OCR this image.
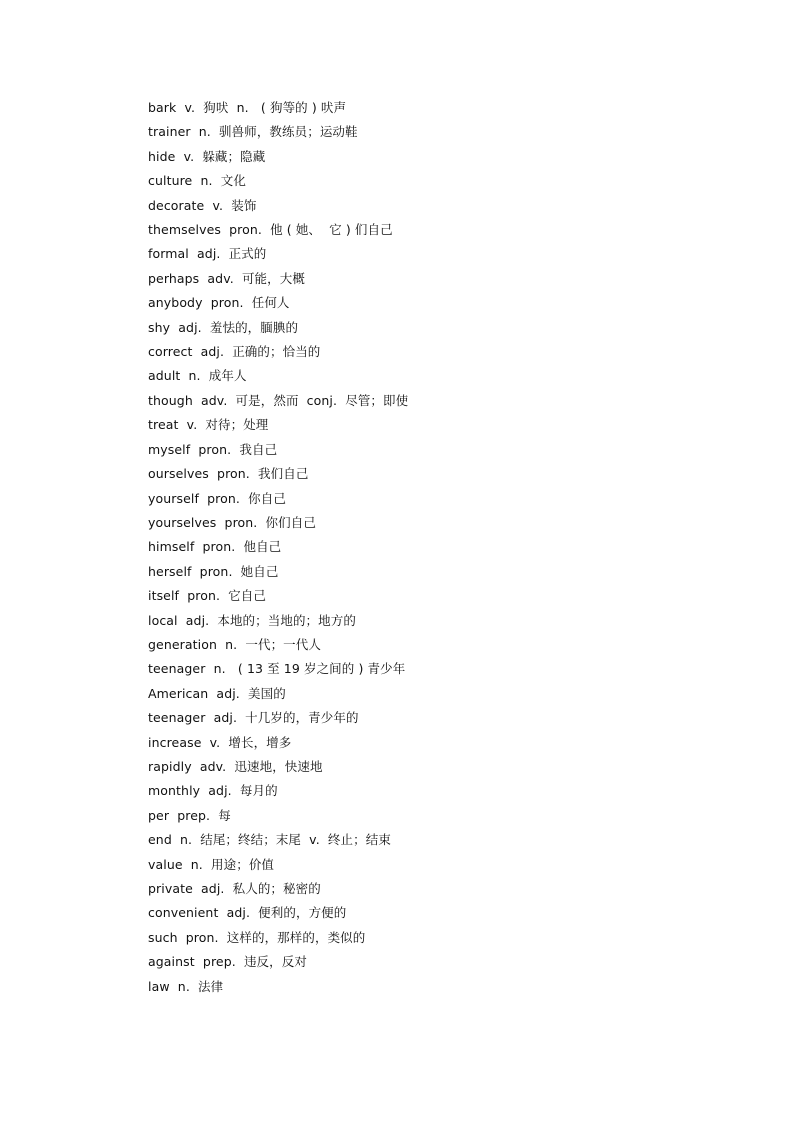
bark  v.  狗吠  n.   ( 狗等的 ) 吠声
trainer  n.  驯兽师，教练员；运动鞋
hide  v.  躲藏；隐藏
culture  n.  文化
decorate  v.  装饰
themselves  pron.  他 ( 她、  它 ) 们自己
formal  adj.  正式的
perhaps  adv.  可能，大概
anybody  pron.  任何人
shy  adj.  羞怯的，腼腆的
correct  adj.  正确的；恰当的
adult  n.  成年人
though  adv.  可是，然而  conj.  尽管；即使
treat  v.  对待；处理
myself  pron.  我自己
ourselves  pron.  我们自己
yourself  pron.  你自己
yourselves  pron.  你们自己
himself  pron.  他自己
herself  pron.  她自己
itself  pron.  它自己
local  adj.  本地的；当地的；地方的
generation  n.  一代；一代人
teenager  n.   ( 13 至 19 岁之间的 ) 青少年
American  adj.  美国的
teenager  adj.  十几岁的，青少年的
increase  v.  增长，增多
rapidly  adv.  迅速地，快速地
monthly  adj.  每月的
per  prep.  每
end  n.  结尾；终结；末尾  v.  终止；结束
value  n.  用途；价值
private  adj.  私人的；秘密的
convenient  adj.  便利的，方便的
such  pron.  这样的，那样的，类似的
against  prep.  违反，反对
law  n.  法律
